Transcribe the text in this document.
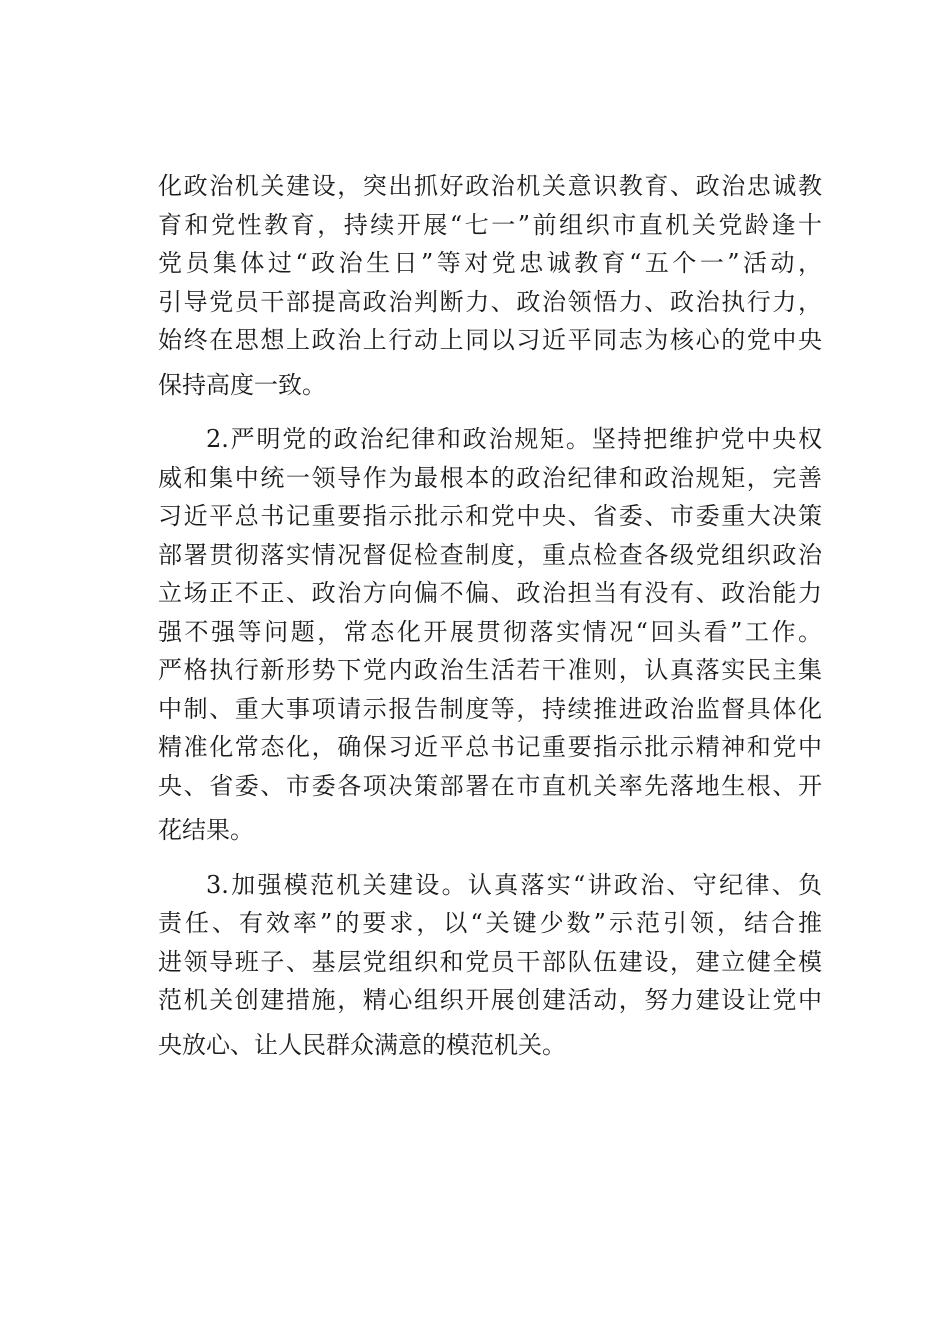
化政治机关建设，突出抓好政治机关意识教育、政治忠诚教
育和党性教育，持续开展“七一”前组织市直机关党龄逢十
党员集体过“政治生日”等对党忠诚教育“五个一”活动，
引导党员干部提高政治判断力、政治领悟力、政治执行力，
始终在思想上政治上行动上同以习近平同志为核心的党中央
保持高度一致。

2.严明党的政治纪律和政治规矩。坚持把维护党中央权
威和集中统一领导作为最根本的政治纪律和政治规矩，完善
习近平总书记重要指示批示和党中央、省委、市委重大决策
部署贯彻落实情况督促检查制度，重点检查各级党组织政治
立场正不正、政治方向偏不偏、政治担当有没有、政治能力
强不强等问题，常态化开展贯彻落实情况“回头看”工作。
严格执行新形势下党内政治生活若干准则，认真落实民主集
中制、重大事项请示报告制度等，持续推进政治监督具体化
精准化常态化，确保习近平总书记重要指示批示精神和党中
央、省委、市委各项决策部署在市直机关率先落地生根、开
花结果。

3.加强模范机关建设。认真落实“讲政治、守纪律、负
责任、有效率”的要求，以“关键少数”示范引领，结合推
进领导班子、基层党组织和党员干部队伍建设，建立健全模
范机关创建措施，精心组织开展创建活动，努力建设让党中
央放心、让人民群众满意的模范机关。
